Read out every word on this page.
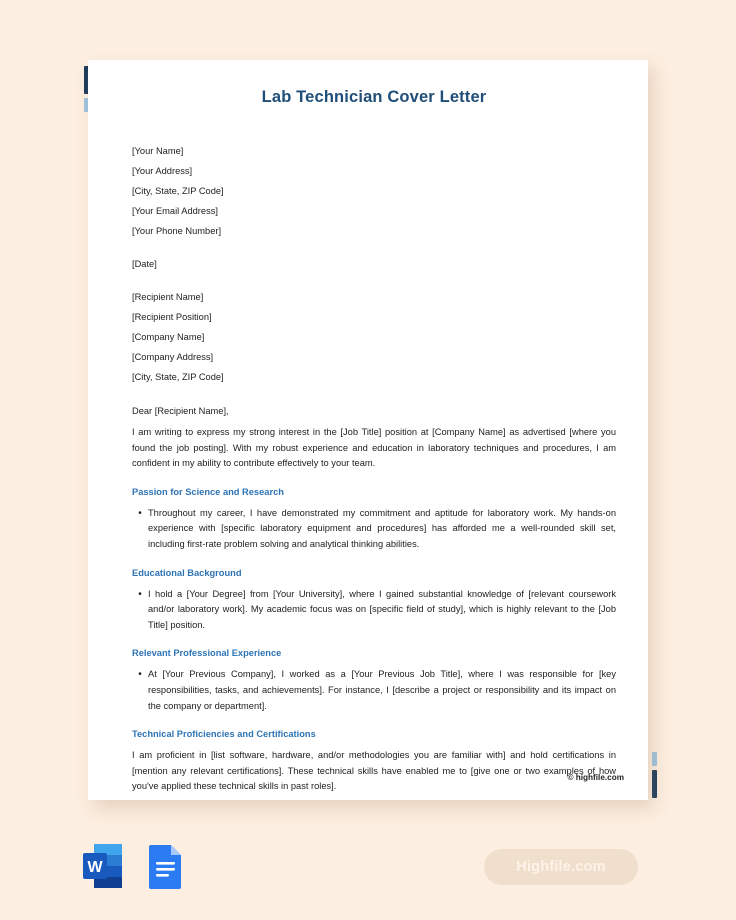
Lab Technician Cover Letter

[Your Name]

[Your Address]

[City, State, ZIP Code]

[Your Email Address]

[Your Phone Number]

[Date]

[Recipient Name]

[Recipient Position]

[Company Name]

[Company Address]

[City, State, ZIP Code]

Dear [Recipient Name],

I am writing to express my strong interest in the [Job Title] position at [Company Name] as advertised [where you found the job posting]. With my robust experience and education in laboratory techniques and procedures, I am confident in my ability to contribute effectively to your team.

Passion for Science and Research

• Throughout my career, I have demonstrated my commitment and aptitude for laboratory work. My hands-on experience with [specific laboratory equipment and procedures] has afforded me a well-rounded skill set, including first-rate problem solving and analytical thinking abilities.

Educational Background

• I hold a [Your Degree] from [Your University], where I gained substantial knowledge of [relevant coursework and/or laboratory work]. My academic focus was on [specific field of study], which is highly relevant to the [Job Title] position.

Relevant Professional Experience

• At [Your Previous Company], I worked as a [Your Previous Job Title], where I was responsible for [key responsibilities, tasks, and achievements]. For instance, I [describe a project or responsibility and its impact on the company or department].

Technical Proficiencies and Certifications

I am proficient in [list software, hardware, and/or methodologies you are familiar with] and hold certifications in [mention any relevant certifications]. These technical skills have enabled me to [give one or two examples of how you've applied these technical skills in past roles].

© highfile.com
W	Highfile.com
